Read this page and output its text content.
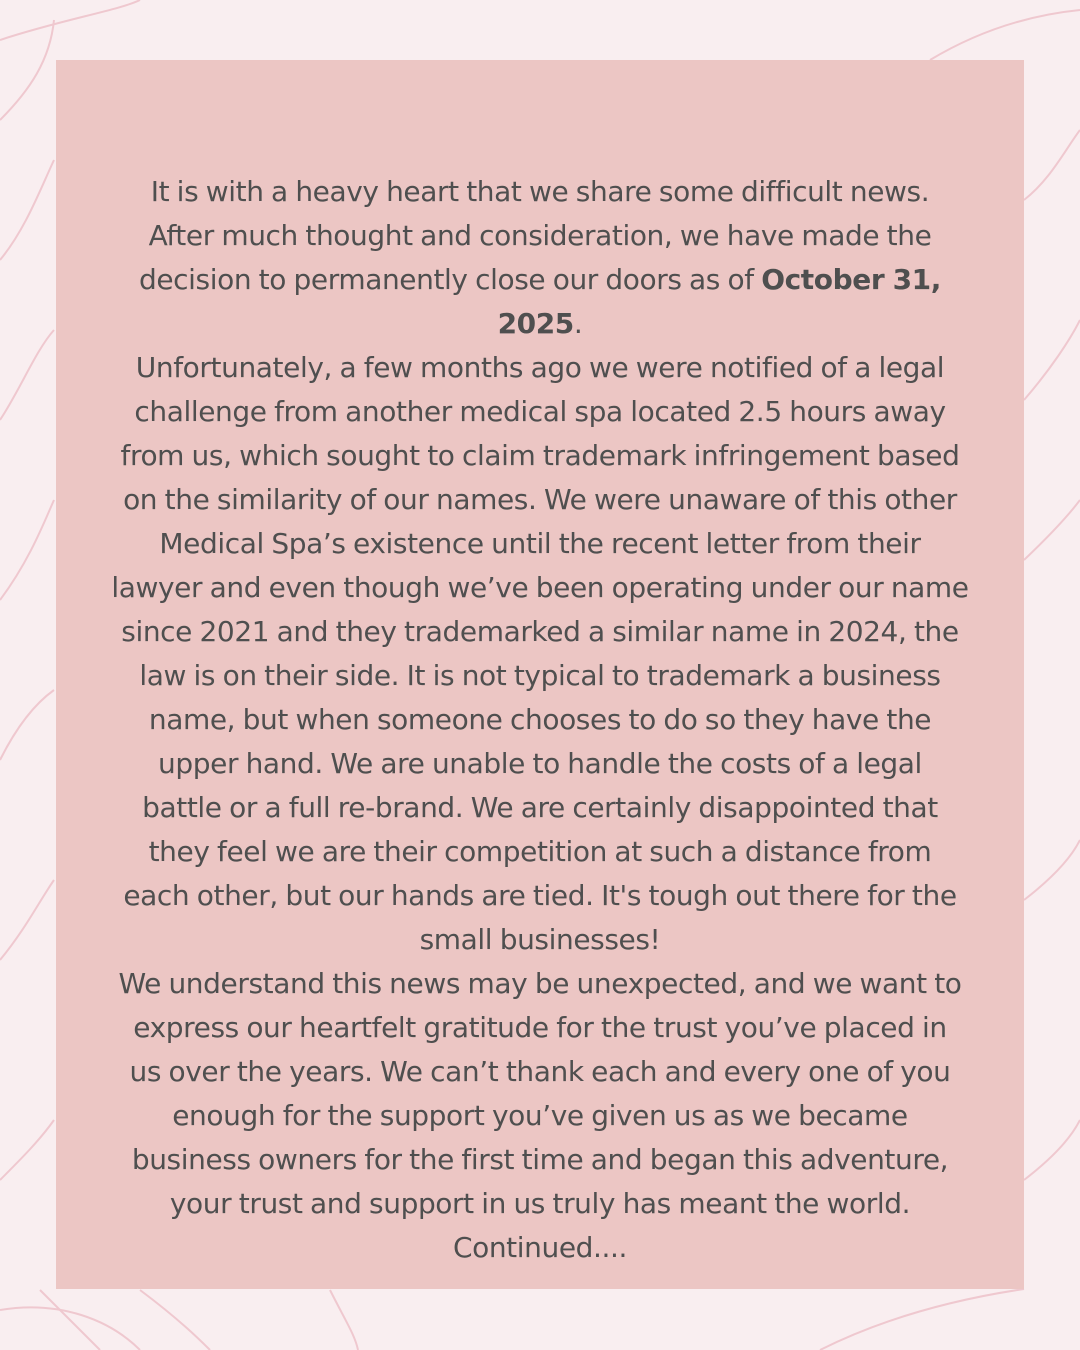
It is with a heavy heart that we share some difficult news.
After much thought and consideration, we have made the
decision to permanently close our doors as of October 31,
2025.
Unfortunately, a few months ago we were notified of a legal
challenge from another medical spa located 2.5 hours away
from us, which sought to claim trademark infringement based
on the similarity of our names. We were unaware of this other
Medical Spa’s existence until the recent letter from their
lawyer and even though we’ve been operating under our name
since 2021 and they trademarked a similar name in 2024, the
law is on their side. It is not typical to trademark a business
name, but when someone chooses to do so they have the
upper hand. We are unable to handle the costs of a legal
battle or a full re-brand. We are certainly disappointed that
they feel we are their competition at such a distance from
each other, but our hands are tied. It's tough out there for the
small businesses!
We understand this news may be unexpected, and we want to
express our heartfelt gratitude for the trust you’ve placed in
us over the years. We can’t thank each and every one of you
enough for the support you’ve given us as we became
business owners for the first time and began this adventure,
your trust and support in us truly has meant the world.
Continued....
